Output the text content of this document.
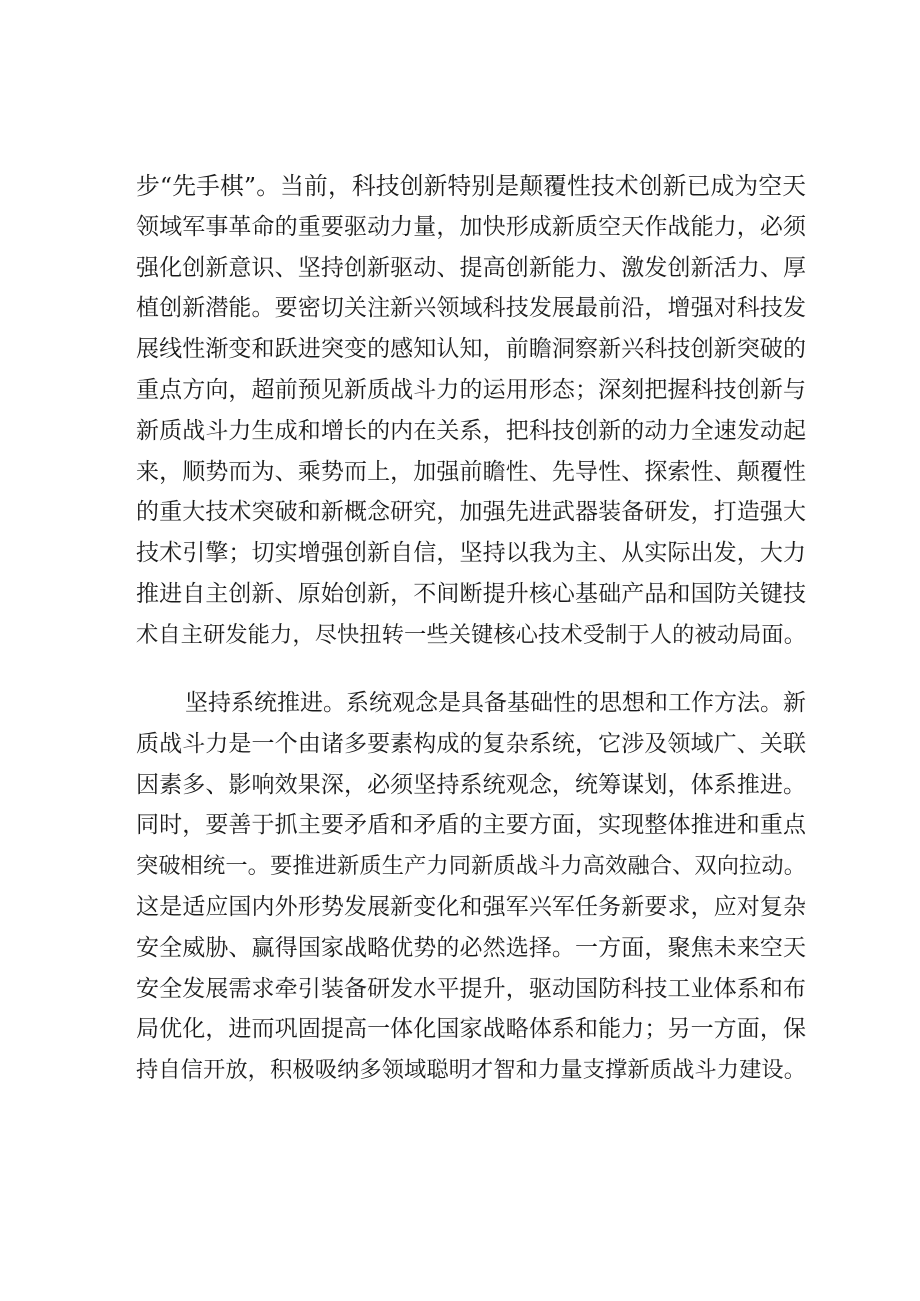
步“先手棋”。当前，科技创新特别是颠覆性技术创新已成为空天
领域军事革命的重要驱动力量，加快形成新质空天作战能力，必须
强化创新意识、坚持创新驱动、提高创新能力、激发创新活力、厚
植创新潜能。要密切关注新兴领域科技发展最前沿，增强对科技发
展线性渐变和跃进突变的感知认知，前瞻洞察新兴科技创新突破的
重点方向，超前预见新质战斗力的运用形态；深刻把握科技创新与
新质战斗力生成和增长的内在关系，把科技创新的动力全速发动起
来，顺势而为、乘势而上，加强前瞻性、先导性、探索性、颠覆性
的重大技术突破和新概念研究，加强先进武器装备研发，打造强大
技术引擎；切实增强创新自信，坚持以我为主、从实际出发，大力
推进自主创新、原始创新，不间断提升核心基础产品和国防关键技
术自主研发能力，尽快扭转一些关键核心技术受制于人的被动局面。
坚持系统推进。系统观念是具备基础性的思想和工作方法。新
质战斗力是一个由诸多要素构成的复杂系统，它涉及领域广、关联
因素多、影响效果深，必须坚持系统观念，统筹谋划，体系推进。
同时，要善于抓主要矛盾和矛盾的主要方面，实现整体推进和重点
突破相统一。要推进新质生产力同新质战斗力高效融合、双向拉动。
这是适应国内外形势发展新变化和强军兴军任务新要求，应对复杂
安全威胁、赢得国家战略优势的必然选择。一方面，聚焦未来空天
安全发展需求牵引装备研发水平提升，驱动国防科技工业体系和布
局优化，进而巩固提高一体化国家战略体系和能力；另一方面，保
持自信开放，积极吸纳多领域聪明才智和力量支撑新质战斗力建设。
